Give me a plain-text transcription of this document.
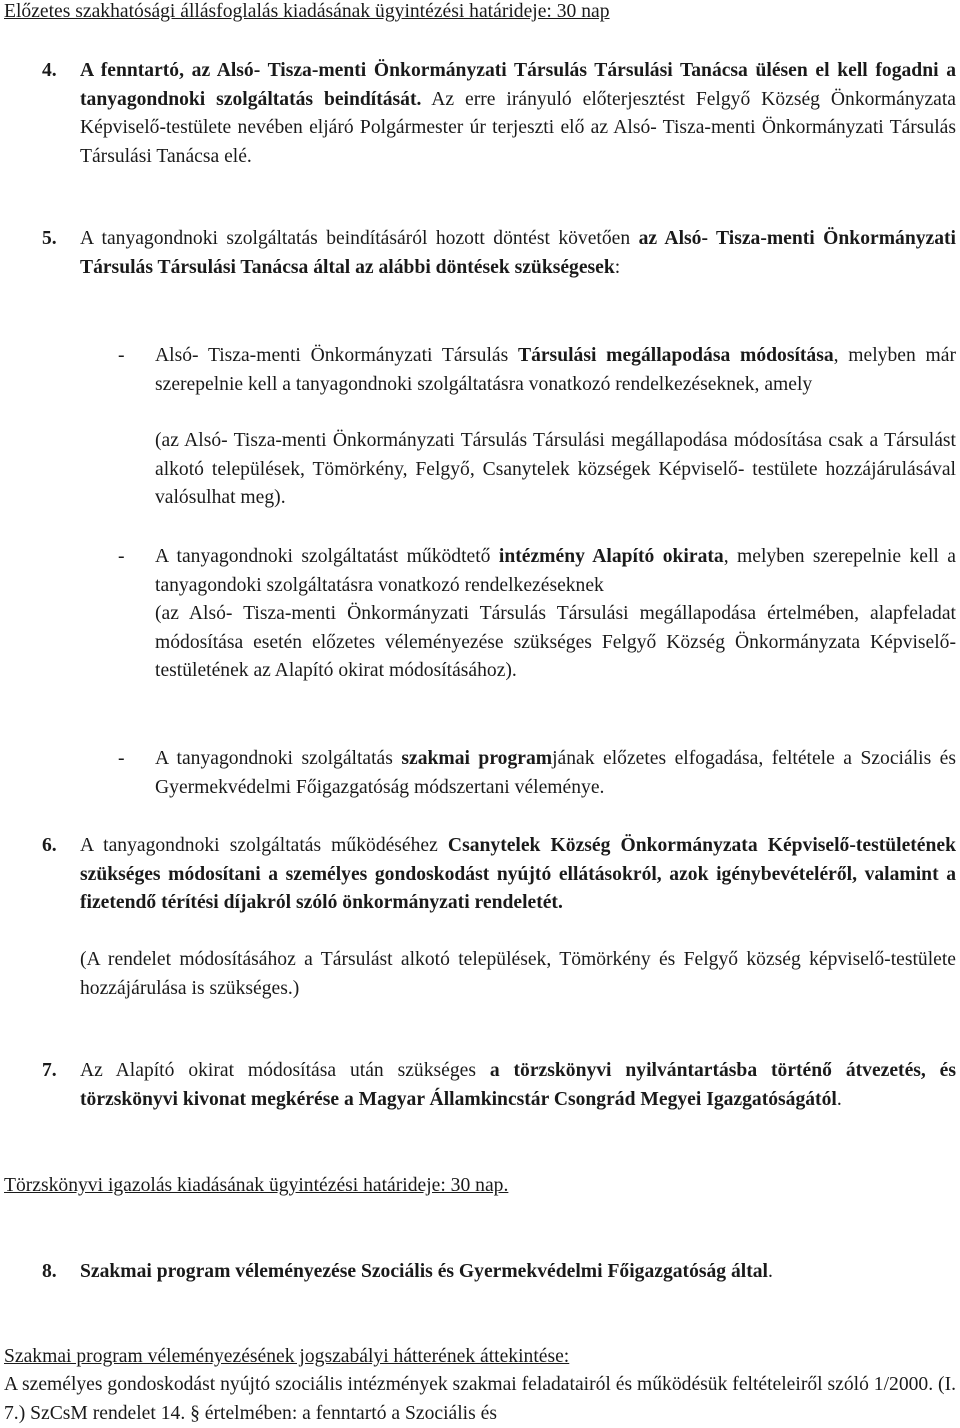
Előzetes szakhatósági állásfoglalás kiadásának ügyintézési határideje: 30 nap
4. A fenntartó, az Alsó- Tisza-menti Önkormányzati Társulás Társulási Tanácsa ülésen el kell fogadni a tanyagondnoki szolgáltatás beindítását. Az erre irányuló előterjesztést Felgyő Község Önkormányzata Képviselő-testülete nevében eljáró Polgármester úr terjeszti elő az Alsó- Tisza-menti Önkormányzati Társulás Társulási Tanácsa elé.

5. A tanyagondnoki szolgáltatás beindításáról hozott döntést követően az Alsó- Tisza-menti Önkormányzati Társulás Társulási Tanácsa által az alábbi döntések szükségesek:

- Alsó- Tisza-menti Önkormányzati Társulás Társulási megállapodása módosítása, melyben már szerepelnie kell a tanyagondnoki szolgáltatásra vonatkozó rendelkezéseknek, amely

(az Alsó- Tisza-menti Önkormányzati Társulás Társulási megállapodása módosítása csak a Társulást alkotó települések, Tömörkény, Felgyő, Csanytelek községek Képviselő- testülete hozzájárulásával valósulhat meg).

- A tanyagondnoki szolgáltatást működtető intézmény Alapító okirata, melyben szerepelnie kell a tanyagondoki szolgáltatásra vonatkozó rendelkezéseknek

(az Alsó- Tisza-menti Önkormányzati Társulás Társulási megállapodása értelmében, alapfeladat módosítása esetén előzetes véleményezése szükséges Felgyő Község Önkormányzata Képviselő-testületének az Alapító okirat módosításához).

- A tanyagondnoki szolgáltatás szakmai programjának előzetes elfogadása, feltétele a Szociális és Gyermekvédelmi Főigazgatóság módszertani véleménye.

6. A tanyagondnoki szolgáltatás működéséhez Csanytelek Község Önkormányzata Képviselő-testületének szükséges módosítani a személyes gondoskodást nyújtó ellátásokról, azok igénybevételéről, valamint a fizetendő térítési díjakról szóló önkormányzati rendeletét.

(A rendelet módosításához a Társulást alkotó települések, Tömörkény és Felgyő község képviselő-testülete hozzájárulása is szükséges.)

7. Az Alapító okirat módosítása után szükséges a törzskönyvi nyilvántartásba történő átvezetés, és törzskönyvi kivonat megkérése a Magyar Államkincstár Csongrád Megyei Igazgatóságától.

Törzskönyvi igazolás kiadásának ügyintézési határideje: 30 nap.
8. Szakmai program véleményezése Szociális és Gyermekvédelmi Főigazgatóság által.

Szakmai program véleményezésének jogszabályi hátterének áttekintése:

A személyes gondoskodást nyújtó szociális intézmények szakmai feladatairól és működésük feltételeiről szóló 1/2000. (I. 7.) SzCsM rendelet 14. § értelmében: a fenntartó a Szociális és
